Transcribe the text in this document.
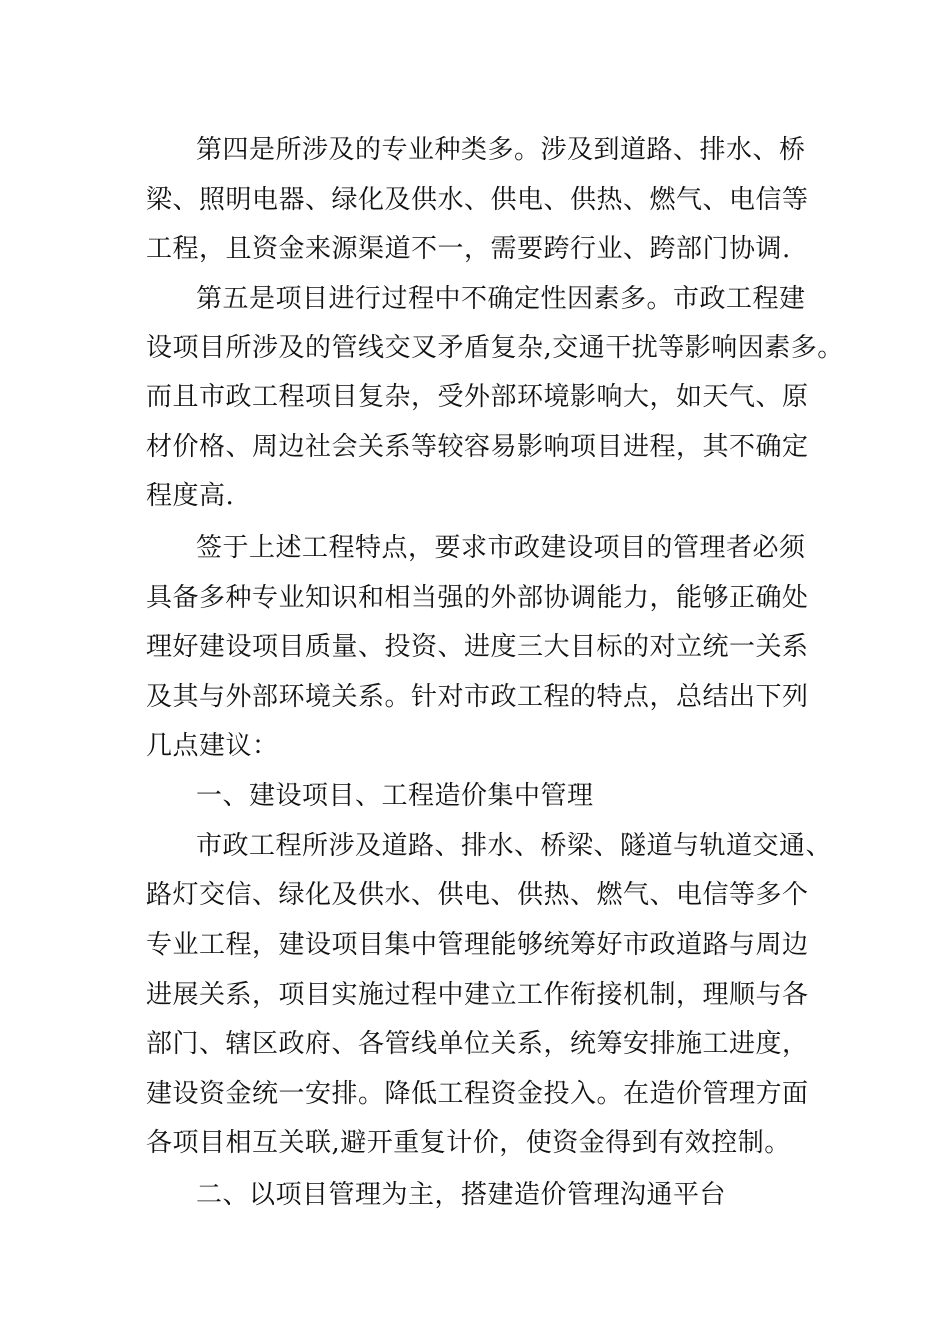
第四是所涉及的专业种类多。涉及到道路、排水、桥
梁、照明电器、绿化及供水、供电、供热、燃气、电信等
工程，且资金来源渠道不一，需要跨行业、跨部门协调.
第五是项目进行过程中不确定性因素多。市政工程建
设项目所涉及的管线交叉矛盾复杂,交通干扰等影响因素多。
而且市政工程项目复杂，受外部环境影响大，如天气、原
材价格、周边社会关系等较容易影响项目进程，其不确定
程度高.
签于上述工程特点，要求市政建设项目的管理者必须
具备多种专业知识和相当强的外部协调能力，能够正确处
理好建设项目质量、投资、进度三大目标的对立统一关系
及其与外部环境关系。针对市政工程的特点，总结出下列
几点建议：
一、建设项目、工程造价集中管理
市政工程所涉及道路、排水、桥梁、隧道与轨道交通、
路灯交信、绿化及供水、供电、供热、燃气、电信等多个
专业工程，建设项目集中管理能够统筹好市政道路与周边
进展关系，项目实施过程中建立工作衔接机制，理顺与各
部门、辖区政府、各管线单位关系，统筹安排施工进度，
建设资金统一安排。降低工程资金投入。在造价管理方面
各项目相互关联,避开重复计价，使资金得到有效控制。
二、以项目管理为主，搭建造价管理沟通平台
